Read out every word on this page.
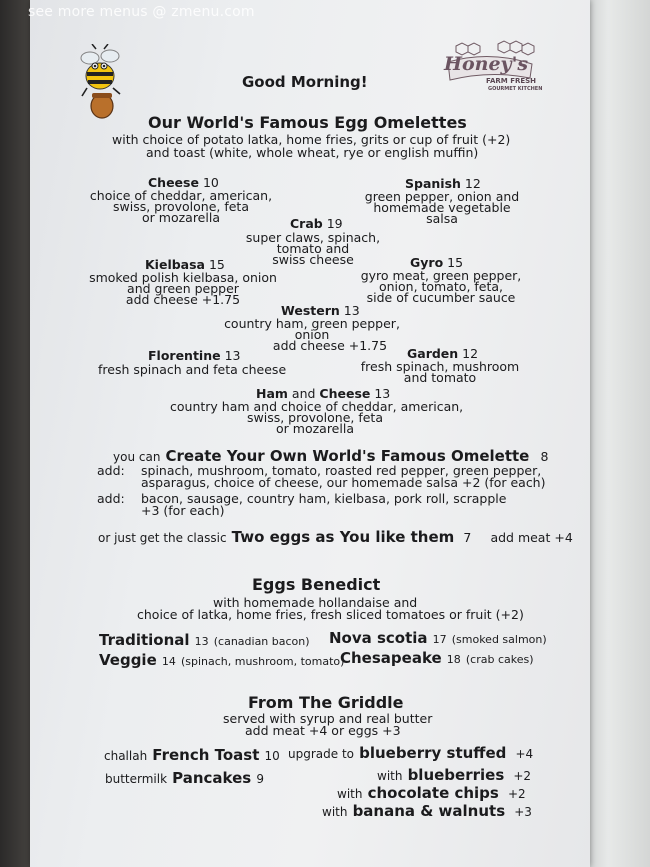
see more menus @ zmenu.com
Good Morning!
Honey's
FARM FRESH
GOURMET KITCHEN
Our World's Famous Egg Omelettes
with choice of potato latka, home fries, grits or cup of fruit (+2)
and toast (white, whole wheat, rye or english muffin)
Cheese 10
choice of cheddar, american,
swiss, provolone, feta
or mozarella
Spanish 12
green pepper, onion and
homemade vegetable
salsa
Crab 19
super claws, spinach,
tomato and
swiss cheese
Kielbasa 15
smoked polish kielbasa, onion
and green pepper
add cheese +1.75
Gyro 15
gyro meat, green pepper,
onion, tomato, feta,
side of cucumber sauce
Western 13
country ham, green pepper,
onion
add cheese +1.75
Florentine 13
fresh spinach and feta cheese
Garden 12
fresh spinach, mushroom
and tomato
Ham and Cheese 13
country ham and choice of cheddar, american,
swiss, provolone, feta
or mozarella
you can Create Your Own World's Famous Omelette 8
add: spinach, mushroom, tomato, roasted red pepper, green pepper,
asparagus, choice of cheese, our homemade salsa +2 (for each)
add: bacon, sausage, country ham, kielbasa, pork roll, scrapple
+3 (for each)
or just get the classic Two eggs as You like them 7 add meat +4
Eggs Benedict
with homemade hollandaise and
choice of latka, home fries, fresh sliced tomatoes or fruit (+2)
Traditional 13 (canadian bacon) Nova scotia 17 (smoked salmon)
Veggie 14 (spinach, mushroom, tomato)
Chesapeake 18 (crab cakes)
From The Griddle
served with syrup and real butter
add meat +4 or eggs +3
challah French Toast 10
buttermilk Pancakes 9
upgrade to blueberry stuffed +4
with blueberries +2
with chocolate chips +2
with banana & walnuts +3
